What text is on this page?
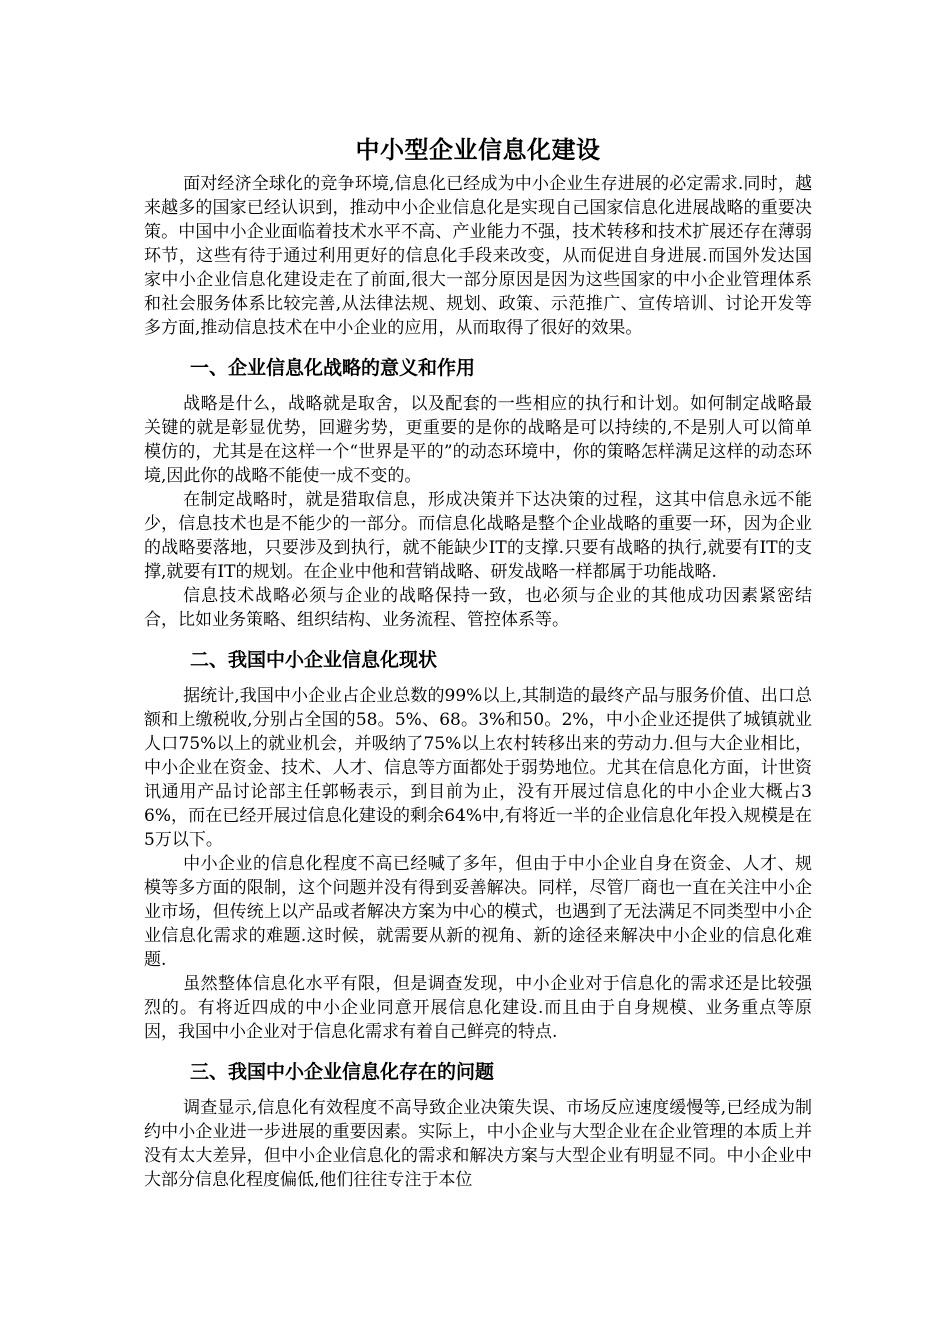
中小型企业信息化建设

面对经济全球化的竞争环境,信息化已经成为中小企业生存进展的必定需求.同时，越来越多的国家已经认识到，推动中小企业信息化是实现自己国家信息化进展战略的重要决策。中国中小企业面临着技术水平不高、产业能力不强，技术转移和技术扩展还存在薄弱环节，这些有待于通过利用更好的信息化手段来改变，从而促进自身进展.而国外发达国家中小企业信息化建设走在了前面,很大一部分原因是因为这些国家的中小企业管理体系和社会服务体系比较完善,从法律法规、规划、政策、示范推广、宣传培训、讨论开发等多方面,推动信息技术在中小企业的应用，从而取得了很好的效果。

一、企业信息化战略的意义和作用

战略是什么，战略就是取舍，以及配套的一些相应的执行和计划。如何制定战略最关键的就是彰显优势，回避劣势，更重要的是你的战略是可以持续的,不是别人可以简单模仿的，尤其是在这样一个“世界是平的”的动态环境中，你的策略怎样满足这样的动态环境,因此你的战略不能使一成不变的。

在制定战略时，就是猎取信息，形成决策并下达决策的过程，这其中信息永远不能少，信息技术也是不能少的一部分。而信息化战略是整个企业战略的重要一环，因为企业的战略要落地，只要涉及到执行，就不能缺少IT的支撑.只要有战略的执行,就要有IT的支撑,就要有IT的规划。在企业中他和营销战略、研发战略一样都属于功能战略.

信息技术战略必须与企业的战略保持一致，也必须与企业的其他成功因素紧密结合，比如业务策略、组织结构、业务流程、管控体系等。

二、我国中小企业信息化现状

据统计,我国中小企业占企业总数的99%以上,其制造的最终产品与服务价值、出口总额和上缴税收,分别占全国的58。5%、68。3%和50。2%，中小企业还提供了城镇就业人口75%以上的就业机会，并吸纳了75%以上农村转移出来的劳动力.但与大企业相比，中小企业在资金、技术、人才、信息等方面都处于弱势地位。尤其在信息化方面，计世资讯通用产品讨论部主任郭畅表示，到目前为止，没有开展过信息化的中小企业大概占36%，而在已经开展过信息化建设的剩余64%中,有将近一半的企业信息化年投入规模是在5万以下。

中小企业的信息化程度不高已经喊了多年，但由于中小企业自身在资金、人才、规模等多方面的限制，这个问题并没有得到妥善解决。同样，尽管厂商也一直在关注中小企业市场，但传统上以产品或者解决方案为中心的模式，也遇到了无法满足不同类型中小企业信息化需求的难题.这时候，就需要从新的视角、新的途径来解决中小企业的信息化难题.

虽然整体信息化水平有限，但是调查发现，中小企业对于信息化的需求还是比较强烈的。有将近四成的中小企业同意开展信息化建设.而且由于自身规模、业务重点等原因，我国中小企业对于信息化需求有着自己鲜亮的特点.

三、我国中小企业信息化存在的问题

调查显示,信息化有效程度不高导致企业决策失误、市场反应速度缓慢等,已经成为制约中小企业进一步进展的重要因素。实际上，中小企业与大型企业在企业管理的本质上并没有太大差异，但中小企业信息化的需求和解决方案与大型企业有明显不同。中小企业中大部分信息化程度偏低,他们往往专注于本位
